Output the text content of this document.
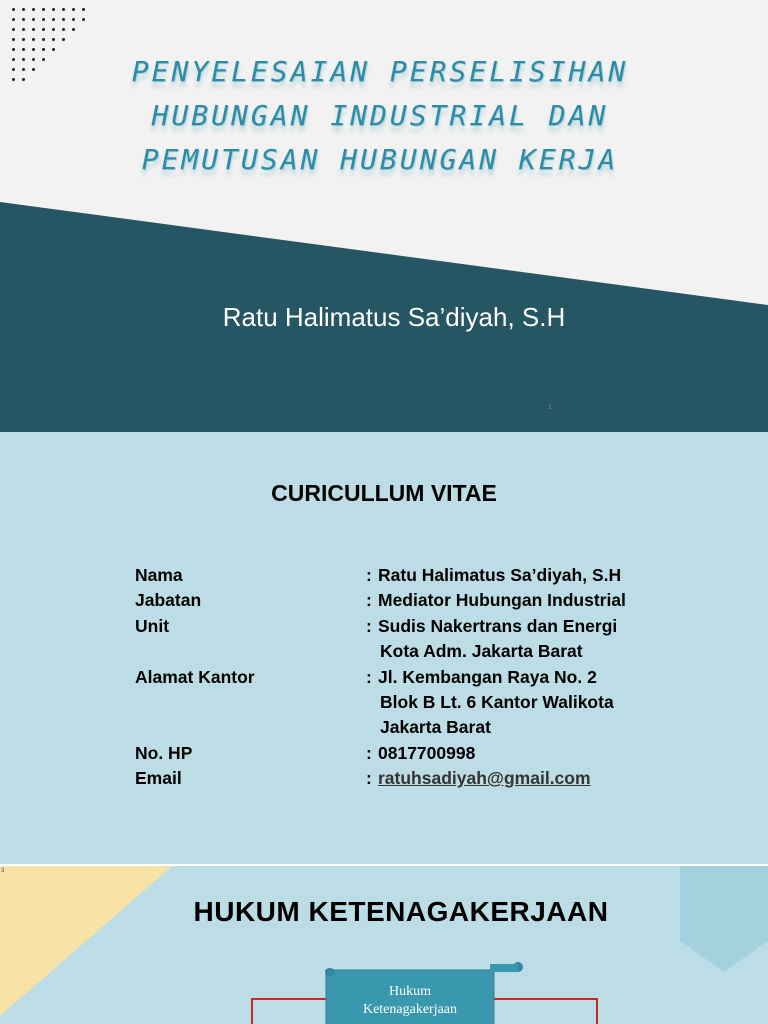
PENYELESAIAN PERSELISIHAN
HUBUNGAN INDUSTRIAL DAN
PEMUTUSAN HUBUNGAN KERJA
Ratu Halimatus Sa’diyah, S.H
1
CURICULLUM VITAE
Nama	: Ratu Halimatus Sa’diyah, S.H
Jabatan	: Mediator Hubungan Industrial
Unit	: Sudis Nakertrans dan Energi
Kota Adm. Jakarta Barat
Alamat Kantor	: Jl. Kembangan Raya No. 2
Blok B Lt. 6 Kantor Walikota
Jakarta Barat
No. HP	: 0817700998
Email	: ratuhsadiyah@gmail.com
3
HUKUM KETENAGAKERJAAN
Hukum
Ketenagakerjaan
